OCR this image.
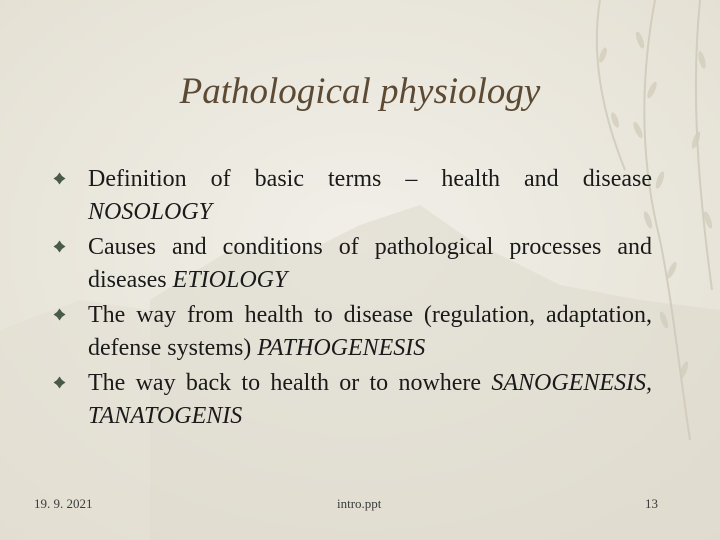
Pathological physiology
Definition of basic terms – health and disease NOSOLOGY
Causes and conditions of pathological processes and diseases ETIOLOGY
The way from health to disease (regulation, adaptation, defense systems) PATHOGENESIS
The way back to health or to nowhere SANOGENESIS, TANATOGENIS
19. 9. 2021	intro.ppt	13
